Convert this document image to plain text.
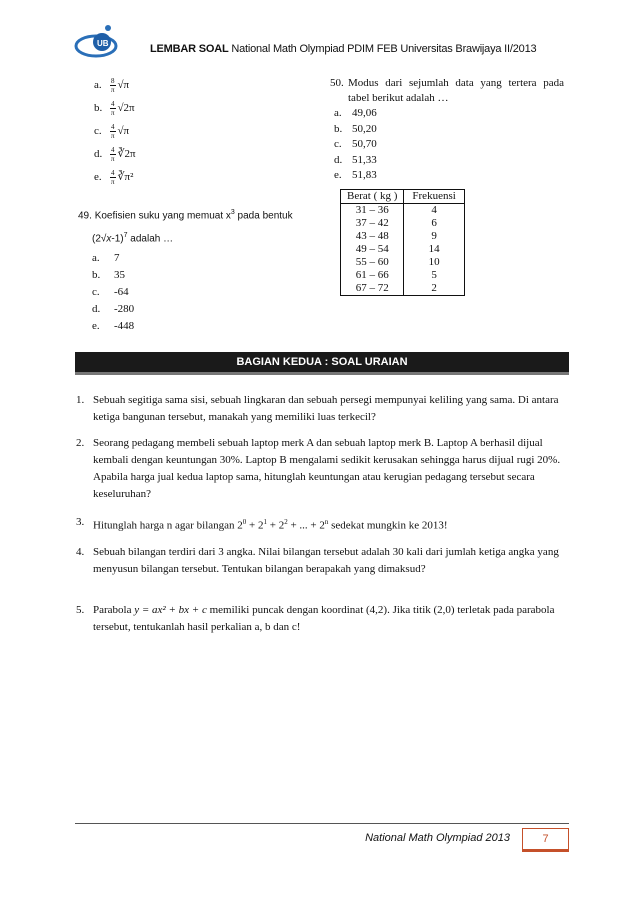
UB	LEMBAR SOAL National Math Olympiad PDIM FEB Universitas Brawijaya II/2013
a. $\frac{8}{\pi} √\pi$
b. $\frac{4}{\pi} √2\pi$
c. $\frac{4}{\pi} √\pi$
d. $\frac{4}{\pi}$ ∛2π
e. $\frac{4}{\pi}$ ∛π²
49. Koefisien suku yang memuat $x^3$ pada bentuk
$(2√x-1)^7$ adalah …
a. 7
b. 35
c. -64
d. -280
e. -448
50. Modus dari sejumlah data yang tertera pada tabel berikut adalah …
a. 49,06
b. 50,20
c. 50,70
d. 51,33
e. 51,83
Berat ( kg )	Frekuensi
31 – 36	4
37 – 42	6
43 – 48	9
49 – 54	14
55 – 60	10
61 – 66	5
67 – 72	2
BAGIAN KEDUA : SOAL URAIAN
1. Sebuah segitiga sama sisi, sebuah lingkaran dan sebuah persegi mempunyai keliling yang sama. Di antara ketiga bangunan tersebut, manakah yang memiliki luas terkecil?
2. Seorang pedagang membeli sebuah laptop merk A dan sebuah laptop merk B. Laptop A berhasil dijual kembali dengan keuntungan 30%. Laptop B mengalami sedikit kerusakan sehingga harus dijual rugi 20%. Apabila harga jual kedua laptop sama, hitunglah keuntungan atau kerugian pedagang tersebut secara keseluruhan?
3. Hitunglah harga n agar bilangan $2^0 + 2^1 + 2^2$ + ... + $2^n$ sedekat mungkin ke 2013!
4. Sebuah bilangan terdiri dari 3 angka. Nilai bilangan tersebut adalah 30 kali dari jumlah ketiga angka yang menyusun bilangan tersebut. Tentukan bilangan berapakah yang dimaksud?
5. Parabola y = ax² + bx + c memiliki puncak dengan koordinat (4,2). Jika titik (2,0) terletak pada parabola tersebut, tentukanlah hasil perkalian a, b dan c!
National Math Olympiad 2013	7
